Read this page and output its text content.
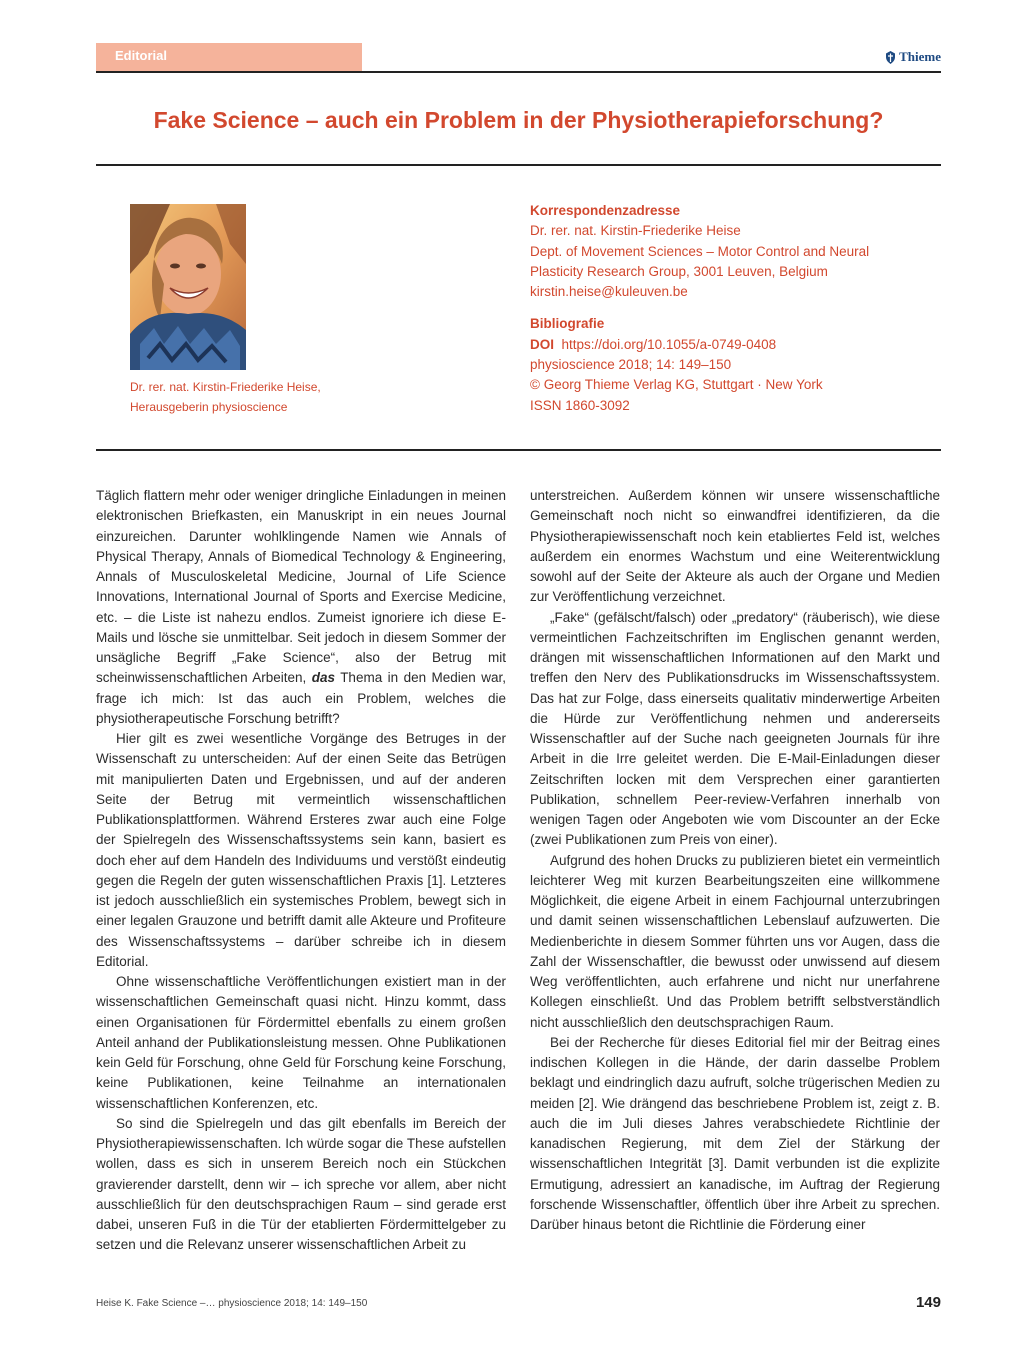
Editorial	Thieme
Fake Science – auch ein Problem in der Physiotherapieforschung?
Dr. rer. nat. Kirstin-Friederike Heise,
Herausgeberin physioscience
Korrespondenzadresse
Dr. rer. nat. Kirstin-Friederike Heise
Dept. of Movement Sciences – Motor Control and Neural
Plasticity Research Group, 3001 Leuven, Belgium
kirstin.heise@kuleuven.be
Bibliografie
DOI https://doi.org/10.1055/a-0749-0408
physioscience 2018; 14: 149–150
© Georg Thieme Verlag KG, Stuttgart · New York
ISSN 1860-3092

Täglich flattern mehr oder weniger dringliche Einladungen in meinen elektronischen Briefkasten, ein Manuskript in ein neues Journal einzureichen. Darunter wohlklingende Namen wie Annals of Physical Therapy, Annals of Biomedical Technology & Engineering, Annals of Musculoskeletal Medicine, Journal of Life Science Innovations, International Journal of Sports and Exercise Medicine, etc. – die Liste ist nahezu endlos. Zumeist ignoriere ich diese E-Mails und lösche sie unmittelbar. Seit jedoch in diesem Sommer der unsägliche Begriff „Fake Science“, also der Betrug mit scheinwissenschaftlichen Arbeiten, das Thema in den Medien war, frage ich mich: Ist das auch ein Problem, welches die physiotherapeutische Forschung betrifft?

Hier gilt es zwei wesentliche Vorgänge des Betruges in der Wissenschaft zu unterscheiden: Auf der einen Seite das Betrügen mit manipulierten Daten und Ergebnissen, und auf der anderen Seite der Betrug mit vermeintlich wissenschaftlichen Publikationsplattformen. Während Ersteres zwar auch eine Folge der Spielregeln des Wissenschaftssystems sein kann, basiert es doch eher auf dem Handeln des Individuums und verstößt eindeutig gegen die Regeln der guten wissenschaftlichen Praxis [1]. Letzteres ist jedoch ausschließlich ein systemisches Problem, bewegt sich in einer legalen Grauzone und betrifft damit alle Akteure und Profiteure des Wissenschaftssystems – darüber schreibe ich in diesem Editorial.

Ohne wissenschaftliche Veröffentlichungen existiert man in der wissenschaftlichen Gemeinschaft quasi nicht. Hinzu kommt, dass einen Organisationen für Fördermittel ebenfalls zu einem großen Anteil anhand der Publikationsleistung messen. Ohne Publikationen kein Geld für Forschung, ohne Geld für Forschung keine Forschung, keine Publikationen, keine Teilnahme an internationalen wissenschaftlichen Konferenzen, etc.

So sind die Spielregeln und das gilt ebenfalls im Bereich der Physiotherapiewissenschaften. Ich würde sogar die These aufstellen wollen, dass es sich in unserem Bereich noch ein Stückchen gravierender darstellt, denn wir – ich spreche vor allem, aber nicht ausschließlich für den deutschsprachigen Raum – sind gerade erst dabei, unseren Fuß in die Tür der etablierten Fördermittelgeber zu setzen und die Relevanz unserer wissenschaftlichen Arbeit zu

unterstreichen. Außerdem können wir unsere wissenschaftliche Gemeinschaft noch nicht so einwandfrei identifizieren, da die Physiotherapiewissenschaft noch kein etabliertes Feld ist, welches außerdem ein enormes Wachstum und eine Weiterentwicklung sowohl auf der Seite der Akteure als auch der Organe und Medien zur Veröffentlichung verzeichnet.

„Fake“ (gefälscht/falsch) oder „predatory“ (räuberisch), wie diese vermeintlichen Fachzeitschriften im Englischen genannt werden, drängen mit wissenschaftlichen Informationen auf den Markt und treffen den Nerv des Publikationsdrucks im Wissenschaftssystem. Das hat zur Folge, dass einerseits qualitativ minderwertige Arbeiten die Hürde zur Veröffentlichung nehmen und andererseits Wissenschaftler auf der Suche nach geeigneten Journals für ihre Arbeit in die Irre geleitet werden. Die E-Mail-Einladungen dieser Zeitschriften locken mit dem Versprechen einer garantierten Publikation, schnellem Peer-review-Verfahren innerhalb von wenigen Tagen oder Angeboten wie vom Discounter an der Ecke (zwei Publikationen zum Preis von einer).

Aufgrund des hohen Drucks zu publizieren bietet ein vermeintlich leichterer Weg mit kurzen Bearbeitungszeiten eine willkommene Möglichkeit, die eigene Arbeit in einem Fachjournal unterzubringen und damit seinen wissenschaftlichen Lebenslauf aufzuwerten. Die Medienberichte in diesem Sommer führten uns vor Augen, dass die Zahl der Wissenschaftler, die bewusst oder unwissend auf diesem Weg veröffentlichten, auch erfahrene und nicht nur unerfahrene Kollegen einschließt. Und das Problem betrifft selbstverständlich nicht ausschließlich den deutschsprachigen Raum.

Bei der Recherche für dieses Editorial fiel mir der Beitrag eines indischen Kollegen in die Hände, der darin dasselbe Problem beklagt und eindringlich dazu aufruft, solche trügerischen Medien zu meiden [2]. Wie drängend das beschriebene Problem ist, zeigt z. B. auch die im Juli dieses Jahres verabschiedete Richtlinie der kanadischen Regierung, mit dem Ziel der Stärkung der wissenschaftlichen Integrität [3]. Damit verbunden ist die explizite Ermutigung, adressiert an kanadische, im Auftrag der Regierung forschende Wissenschaftler, öffentlich über ihre Arbeit zu sprechen. Darüber hinaus betont die Richtlinie die Förderung einer

Heise K. Fake Science –… physioscience 2018; 14: 149–150	149
